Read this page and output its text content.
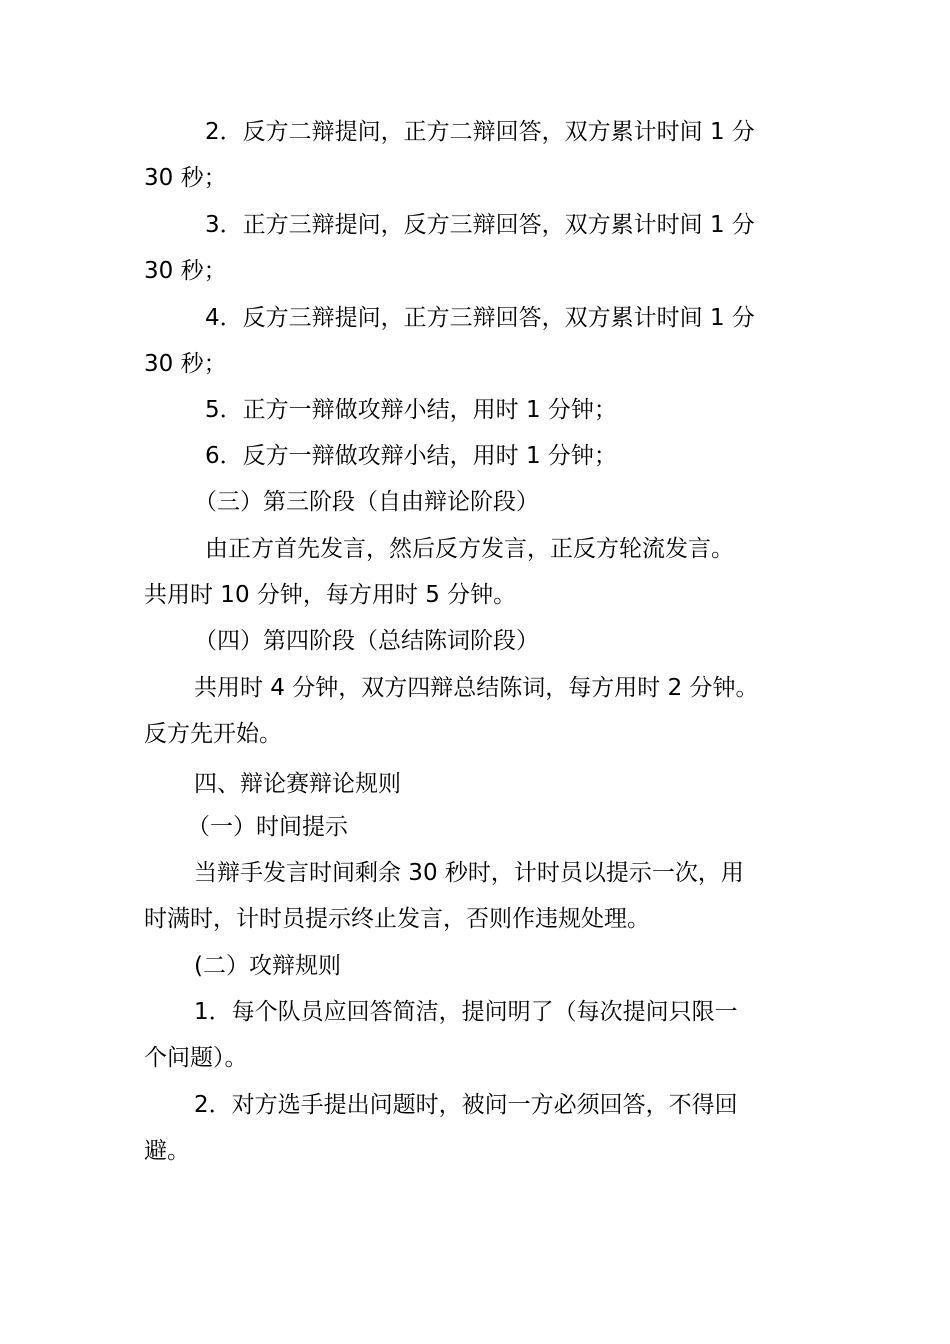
2．反方二辩提问，正方二辩回答，双方累计时间 1 分
30 秒；
3．正方三辩提问，反方三辩回答，双方累计时间 1 分
30 秒；
4．反方三辩提问，正方三辩回答，双方累计时间 1 分
30 秒；
5．正方一辩做攻辩小结，用时 1 分钟；
6．反方一辩做攻辩小结，用时 1 分钟；
（三）第三阶段（自由辩论阶段）
由正方首先发言，然后反方发言，正反方轮流发言。
共用时 10 分钟，每方用时 5 分钟。
（四）第四阶段（总结陈词阶段）
共用时 4 分钟，双方四辩总结陈词，每方用时 2 分钟。
反方先开始。
四、辩论赛辩论规则
（一）时间提示
当辩手发言时间剩余 30 秒时，计时员以提示一次，用
时满时，计时员提示终止发言，否则作违规处理。
(二）攻辩规则
1．每个队员应回答简洁，提问明了（每次提问只限一
个问题）。
2．对方选手提出问题时，被问一方必须回答，不得回
避。
